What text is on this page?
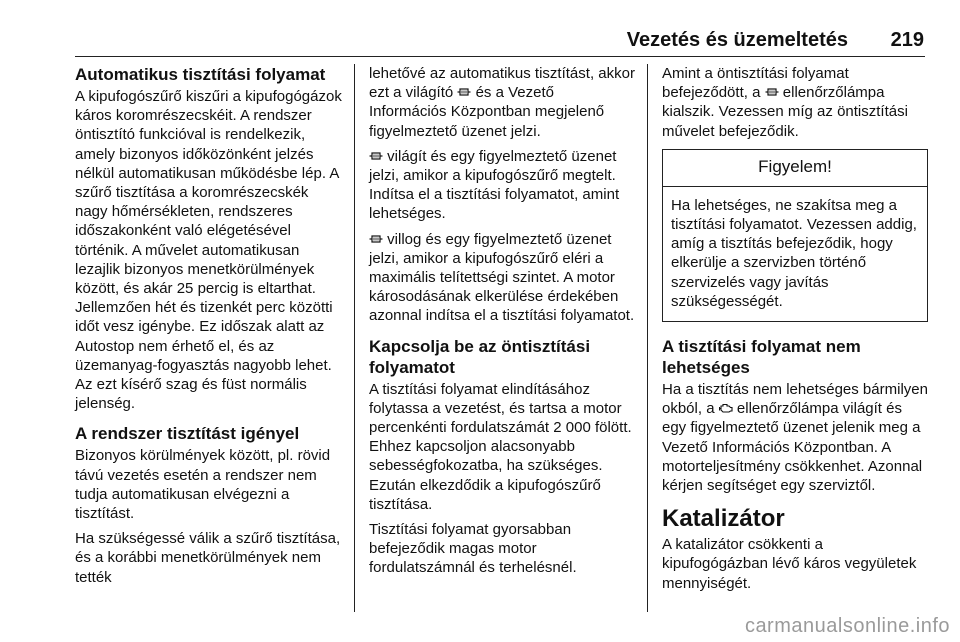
Vezetés és üzemeltetés 219
Automatikus tisztítási folyamat

A kipufogószűrő kiszűri a kipufogógázok káros koromrészecskéit. A rendszer öntisztító funkcióval is rendelkezik, amely bizonyos időközönként jelzés nélkül automatikusan működésbe lép. A szűrő tisztítása a koromrészecskék nagy hőmérsékleten, rendszeres időszakonként való elégetésével történik. A művelet automatikusan lezajlik bizonyos menetkörülmények között, és akár 25 percig is eltarthat. Jellemzően hét és tizenkét perc közötti időt vesz igénybe. Ez időszak alatt az Autostop nem érhető el, és az üzemanyag-fogyasztás nagyobb lehet. Az ezt kísérő szag és füst normális jelenség.

A rendszer tisztítást igényel

Bizonyos körülmények között, pl. rövid távú vezetés esetén a rendszer nem tudja automatikusan elvégezni a tisztítást.

Ha szükségessé válik a szűrő tisztítása, és a korábbi menetkörülmények nem tették

lehetővé az automatikus tisztítást, akkor ezt a világító és a Vezető Információs Központban megjelenő figyelmeztető üzenet jelzi.

világít és egy figyelmeztető üzenet jelzi, amikor a kipufogószűrő megtelt. Indítsa el a tisztítási folyamatot, amint lehetséges.

villog és egy figyelmeztető üzenet jelzi, amikor a kipufogószűrő eléri a maximális telítettségi szintet. A motor károsodásának elkerülése érdekében azonnal indítsa el a tisztítási folyamatot.

Kapcsolja be az öntisztítási folyamatot

A tisztítási folyamat elindításához folytassa a vezetést, és tartsa a motor percenkénti fordulatszámát 2 000 fölött. Ehhez kapcsoljon alacsonyabb sebességfokozatba, ha szükséges. Ezután elkezdődik a kipufogószűrő tisztítása.

Tisztítási folyamat gyorsabban befejeződik magas motor fordulatszámnál és terhelésnél.

Amint a öntisztítási folyamat befejeződött, a ellenőrzőlámpa kialszik. Vezessen míg az öntisztítási művelet befejeződik.

Figyelem!
Ha lehetséges, ne szakítsa meg a tisztítási folyamatot. Vezessen addig, amíg a tisztítás befejeződik, hogy elkerülje a szervizben történő szervizelés vagy javítás szükségességét.
A tisztítási folyamat nem lehetséges

Ha a tisztítás nem lehetséges bármilyen okból, a ellenőrzőlámpa világít és egy figyelmeztető üzenet jelenik meg a Vezető Információs Központban. A motorteljesítmény csökkenhet. Azonnal kérjen segítséget egy szerviztől.

Katalizátor

A katalizátor csökkenti a kipufogógázban lévő káros vegyületek mennyiségét.

carmanualsonline.info
